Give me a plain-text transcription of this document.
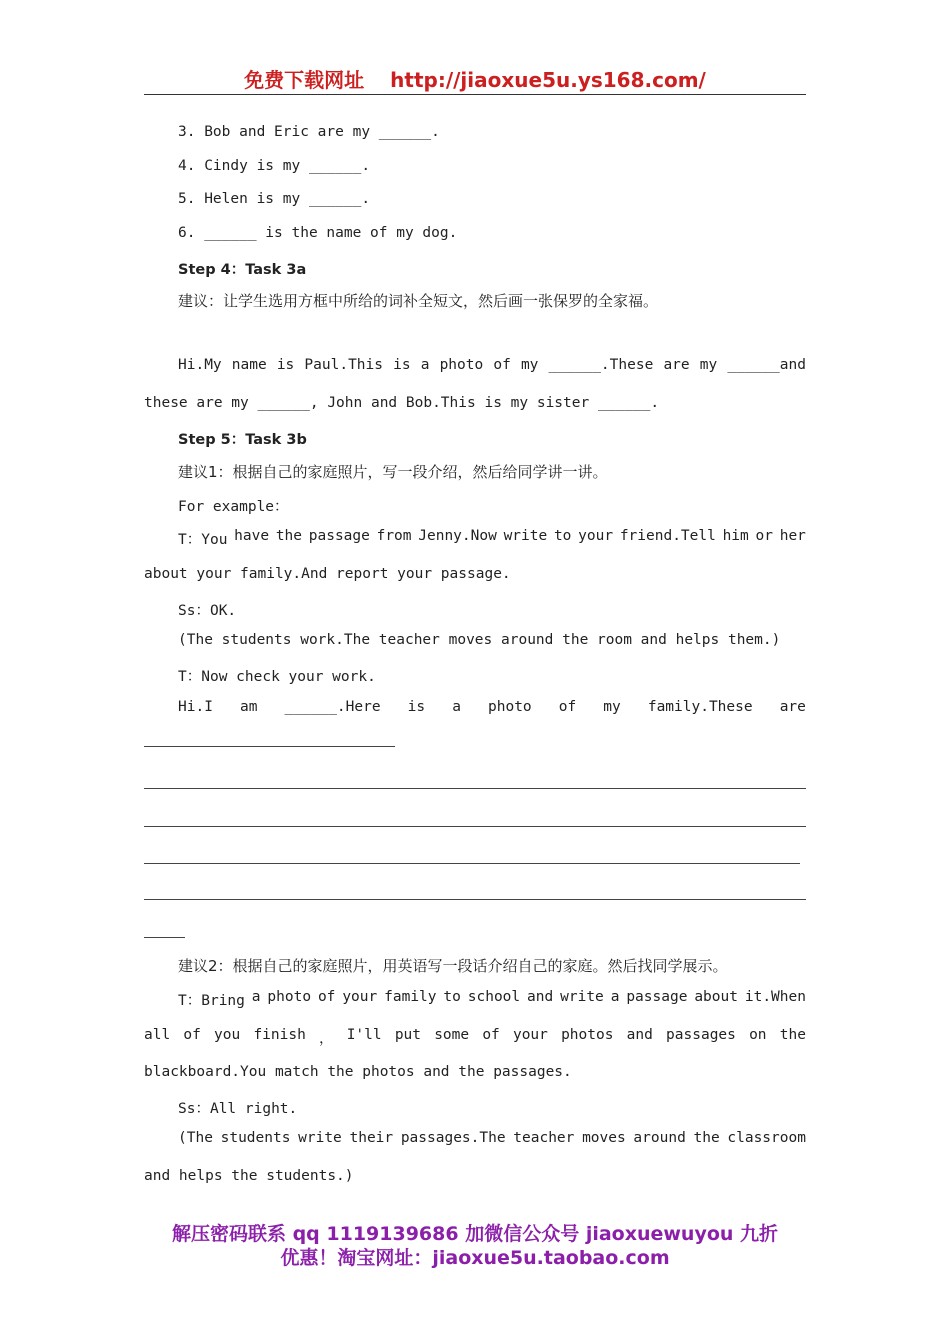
免费下载网址 http://jiaoxue5u.ys168.com/
3. Bob and Eric are my ______.
4. Cindy is my ______.
5. Helen is my ______.
6. ______ is the name of my dog.
Step 4：Task 3a
建议：让学生选用方框中所给的词补全短文，然后画一张保罗的全家福。
Hi.My name is Paul.This is a photo of my ______.These are my ______and
these are my ______, John and Bob.This is my sister ______.
Step 5：Task 3b
建议1：根据自己的家庭照片，写一段介绍，然后给同学讲一讲。
For example：
T：You have the passage from Jenny.Now write to your friend.Tell him or her
about your family.And report your passage.
Ss：OK.
(The students work.The teacher moves around the room and helps them.)
T：Now check your work.
Hi.I am ______.Here is a photo of my family.These are
建议2：根据自己的家庭照片，用英语写一段话介绍自己的家庭。然后找同学展示。
T：Bring a photo of your family to school and write a passage about it.When
all of you finish ， I'll put some of your photos and passages on the
blackboard.You match the photos and the passages.
Ss：All right.
(The students write their passages.The teacher moves around the classroom
and helps the students.)
解压密码联系 qq 1119139686 加微信公众号 jiaoxuewuyou 九折
优惠！淘宝网址：jiaoxue5u.taobao.com
